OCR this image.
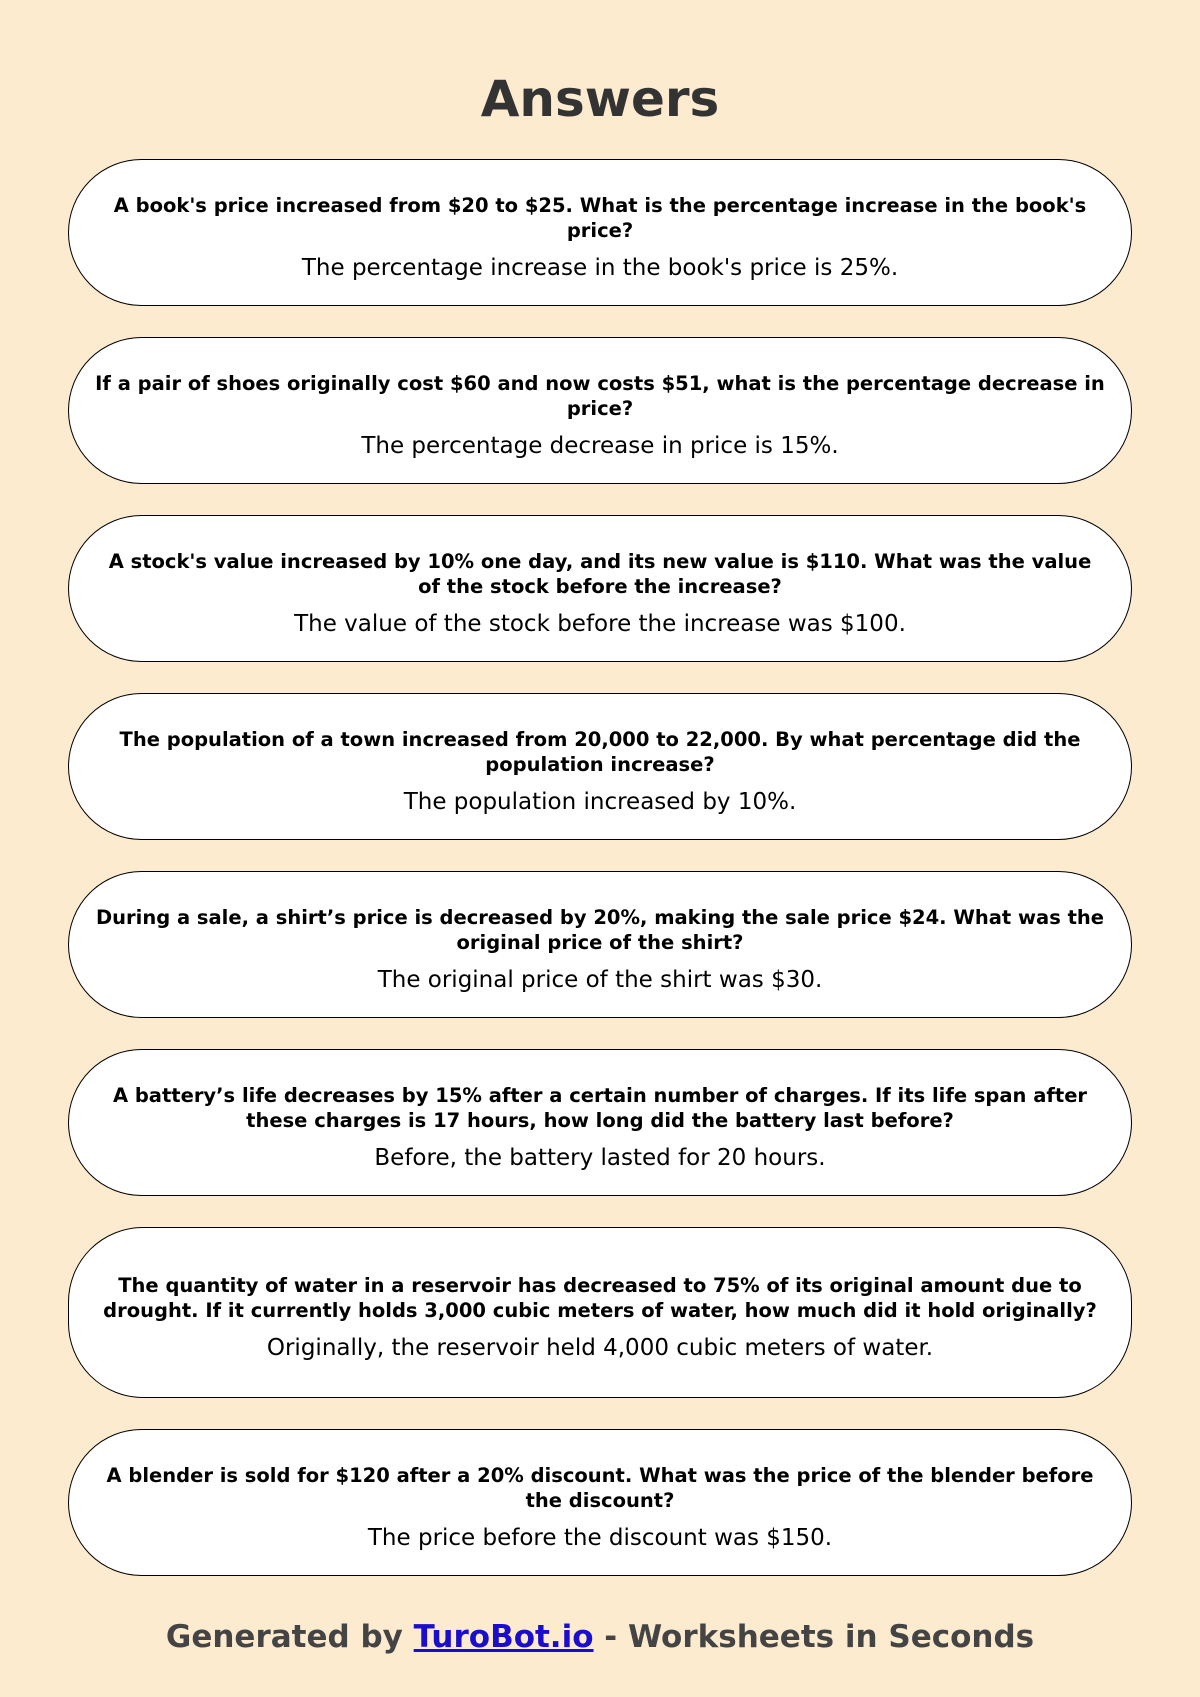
Answers

A book's price increased from $20 to $25. What is the percentage increase in the book's price?

The percentage increase in the book's price is 25%.

If a pair of shoes originally cost $60 and now costs $51, what is the percentage decrease in price?

The percentage decrease in price is 15%.

A stock's value increased by 10% one day, and its new value is $110. What was the value of the stock before the increase?

The value of the stock before the increase was $100.

The population of a town increased from 20,000 to 22,000. By what percentage did the population increase?

The population increased by 10%.

During a sale, a shirt’s price is decreased by 20%, making the sale price $24. What was the original price of the shirt?

The original price of the shirt was $30.

A battery’s life decreases by 15% after a certain number of charges. If its life span after these charges is 17 hours, how long did the battery last before?

Before, the battery lasted for 20 hours.

The quantity of water in a reservoir has decreased to 75% of its original amount due to drought. If it currently holds 3,000 cubic meters of water, how much did it hold originally?

Originally, the reservoir held 4,000 cubic meters of water.

A blender is sold for $120 after a 20% discount. What was the price of the blender before the discount?

The price before the discount was $150.

Generated by TuroBot.io - Worksheets in Seconds
